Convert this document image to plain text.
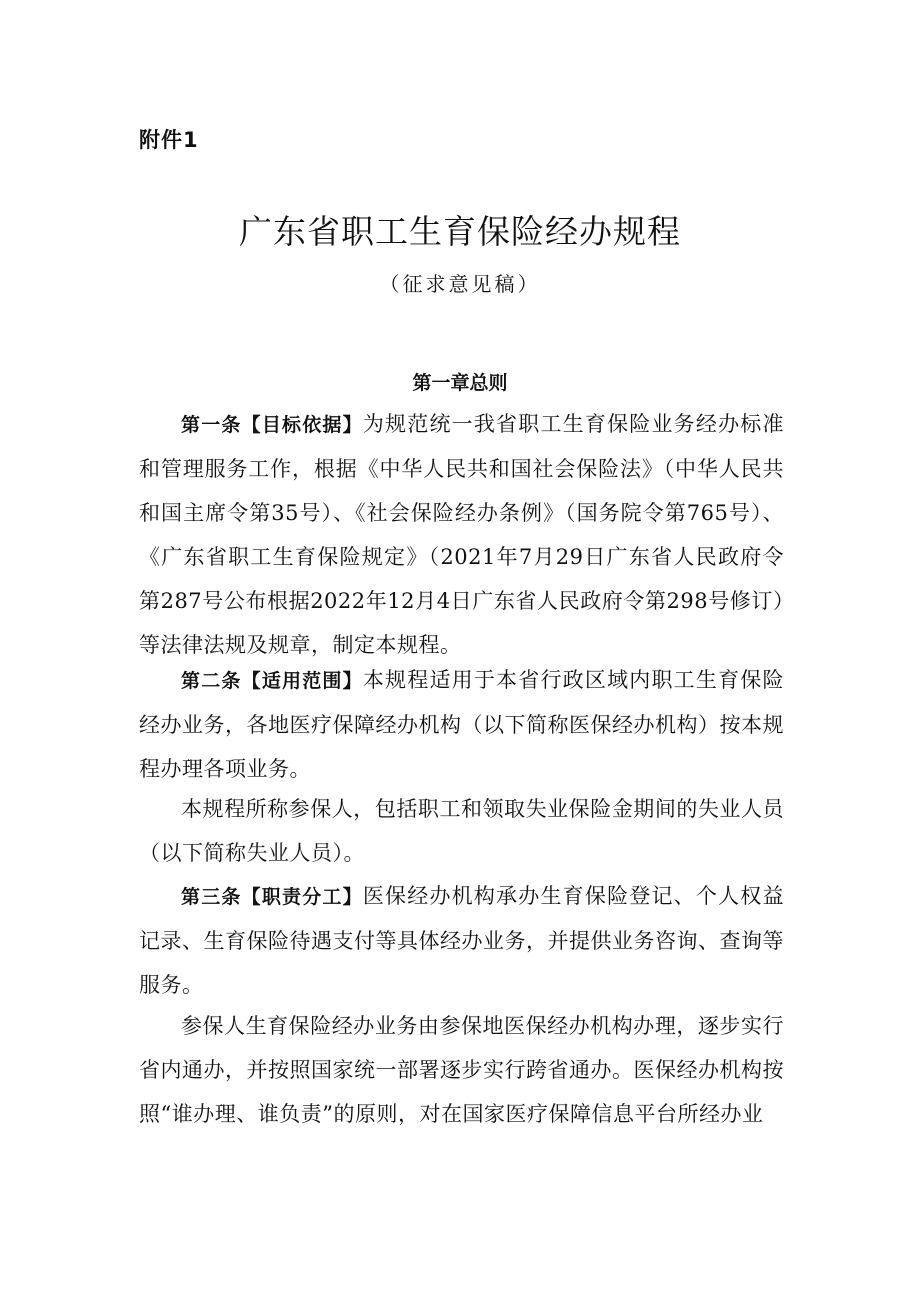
附件1
广东省职工生育保险经办规程
（征求意见稿）
第一章总则

第一条【目标依据】为规范统一我省职工生育保险业务经办标准和管理服务工作，根据《中华人民共和国社会保险法》（中华人民共和国主席令第35号）、《社会保险经办条例》（国务院令第765号）、《广东省职工生育保险规定》（2021年7月29日广东省人民政府令第287号公布根据2022年12月4日广东省人民政府令第298号修订）等法律法规及规章，制定本规程。

第二条【适用范围】本规程适用于本省行政区域内职工生育保险经办业务，各地医疗保障经办机构（以下简称医保经办机构）按本规程办理各项业务。

本规程所称参保人，包括职工和领取失业保险金期间的失业人员（以下简称失业人员）。

第三条【职责分工】医保经办机构承办生育保险登记、个人权益记录、生育保险待遇支付等具体经办业务，并提供业务咨询、查询等服务。

参保人生育保险经办业务由参保地医保经办机构办理，逐步实行省内通办，并按照国家统一部署逐步实行跨省通办。医保经办机构按照“谁办理、谁负责”的原则，对在国家医疗保障信息平台所经办业
